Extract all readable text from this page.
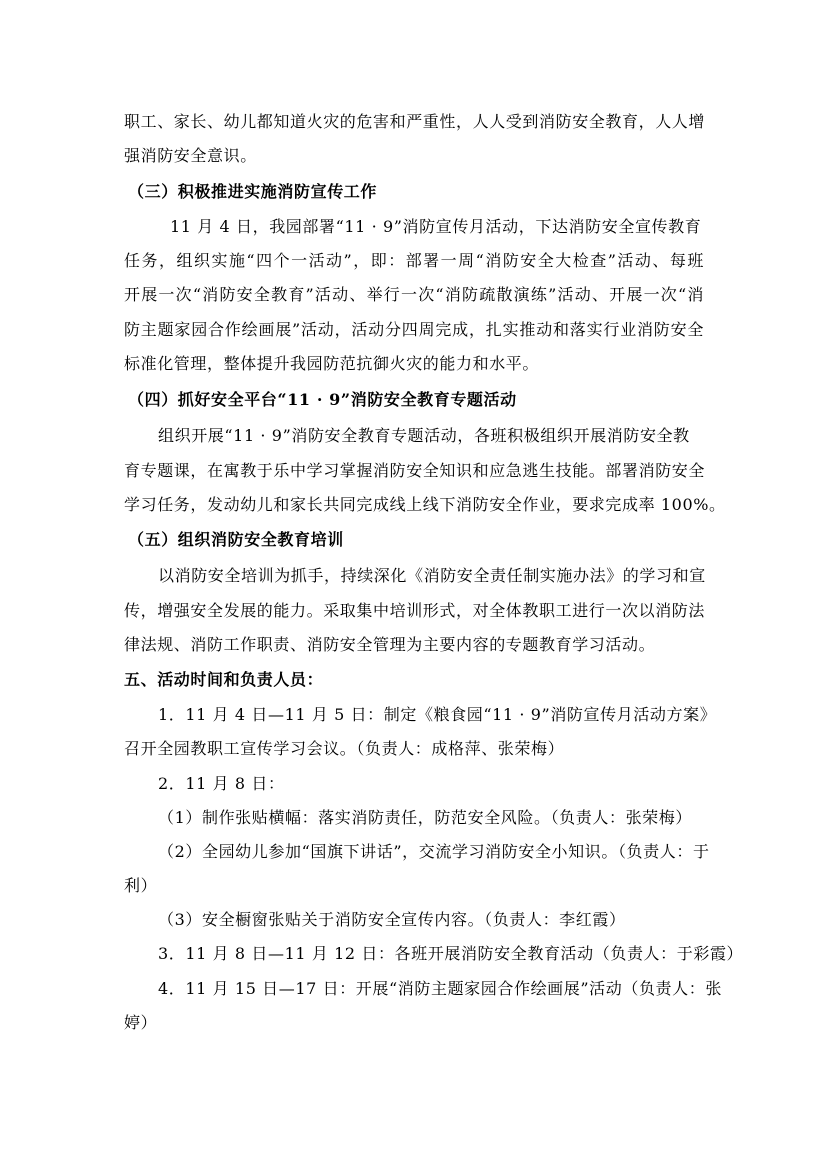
职工、家长、幼儿都知道火灾的危害和严重性，人人受到消防安全教育，人人增
强消防安全意识。
（三）积极推进实施消防宣传工作
11 月 4 日，我园部署“11 · 9”消防宣传月活动，下达消防安全宣传教育
任务，组织实施“四个一活动”，即：部署一周“消防安全大检查”活动、每班
开展一次“消防安全教育”活动、举行一次“消防疏散演练”活动、开展一次“消
防主题家园合作绘画展”活动，活动分四周完成，扎实推动和落实行业消防安全
标准化管理，整体提升我园防范抗御火灾的能力和水平。
（四）抓好安全平台“11 · 9”消防安全教育专题活动
组织开展“11 · 9”消防安全教育专题活动，各班积极组织开展消防安全教
育专题课，在寓教于乐中学习掌握消防安全知识和应急逃生技能。部署消防安全
学习任务，发动幼儿和家长共同完成线上线下消防安全作业，要求完成率 100%。
（五）组织消防安全教育培训
以消防安全培训为抓手，持续深化《消防安全责任制实施办法》的学习和宣
传，增强安全发展的能力。采取集中培训形式，对全体教职工进行一次以消防法
律法规、消防工作职责、消防安全管理为主要内容的专题教育学习活动。
五、活动时间和负责人员：
1．11 月 4 日—11 月 5 日：制定《粮食园“11 · 9”消防宣传月活动方案》
召开全园教职工宣传学习会议。（负责人：成格萍、张荣梅）
2．11 月 8 日：
（1）制作张贴横幅：落实消防责任，防范安全风险。（负责人：张荣梅）
（2）全园幼儿参加“国旗下讲话”，交流学习消防安全小知识。（负责人：于
利）
（3）安全橱窗张贴关于消防安全宣传内容。（负责人：李红霞）
3．11 月 8 日—11 月 12 日：各班开展消防安全教育活动（负责人：于彩霞）
4．11 月 15 日—17 日：开展“消防主题家园合作绘画展”活动（负责人：张
婷）
